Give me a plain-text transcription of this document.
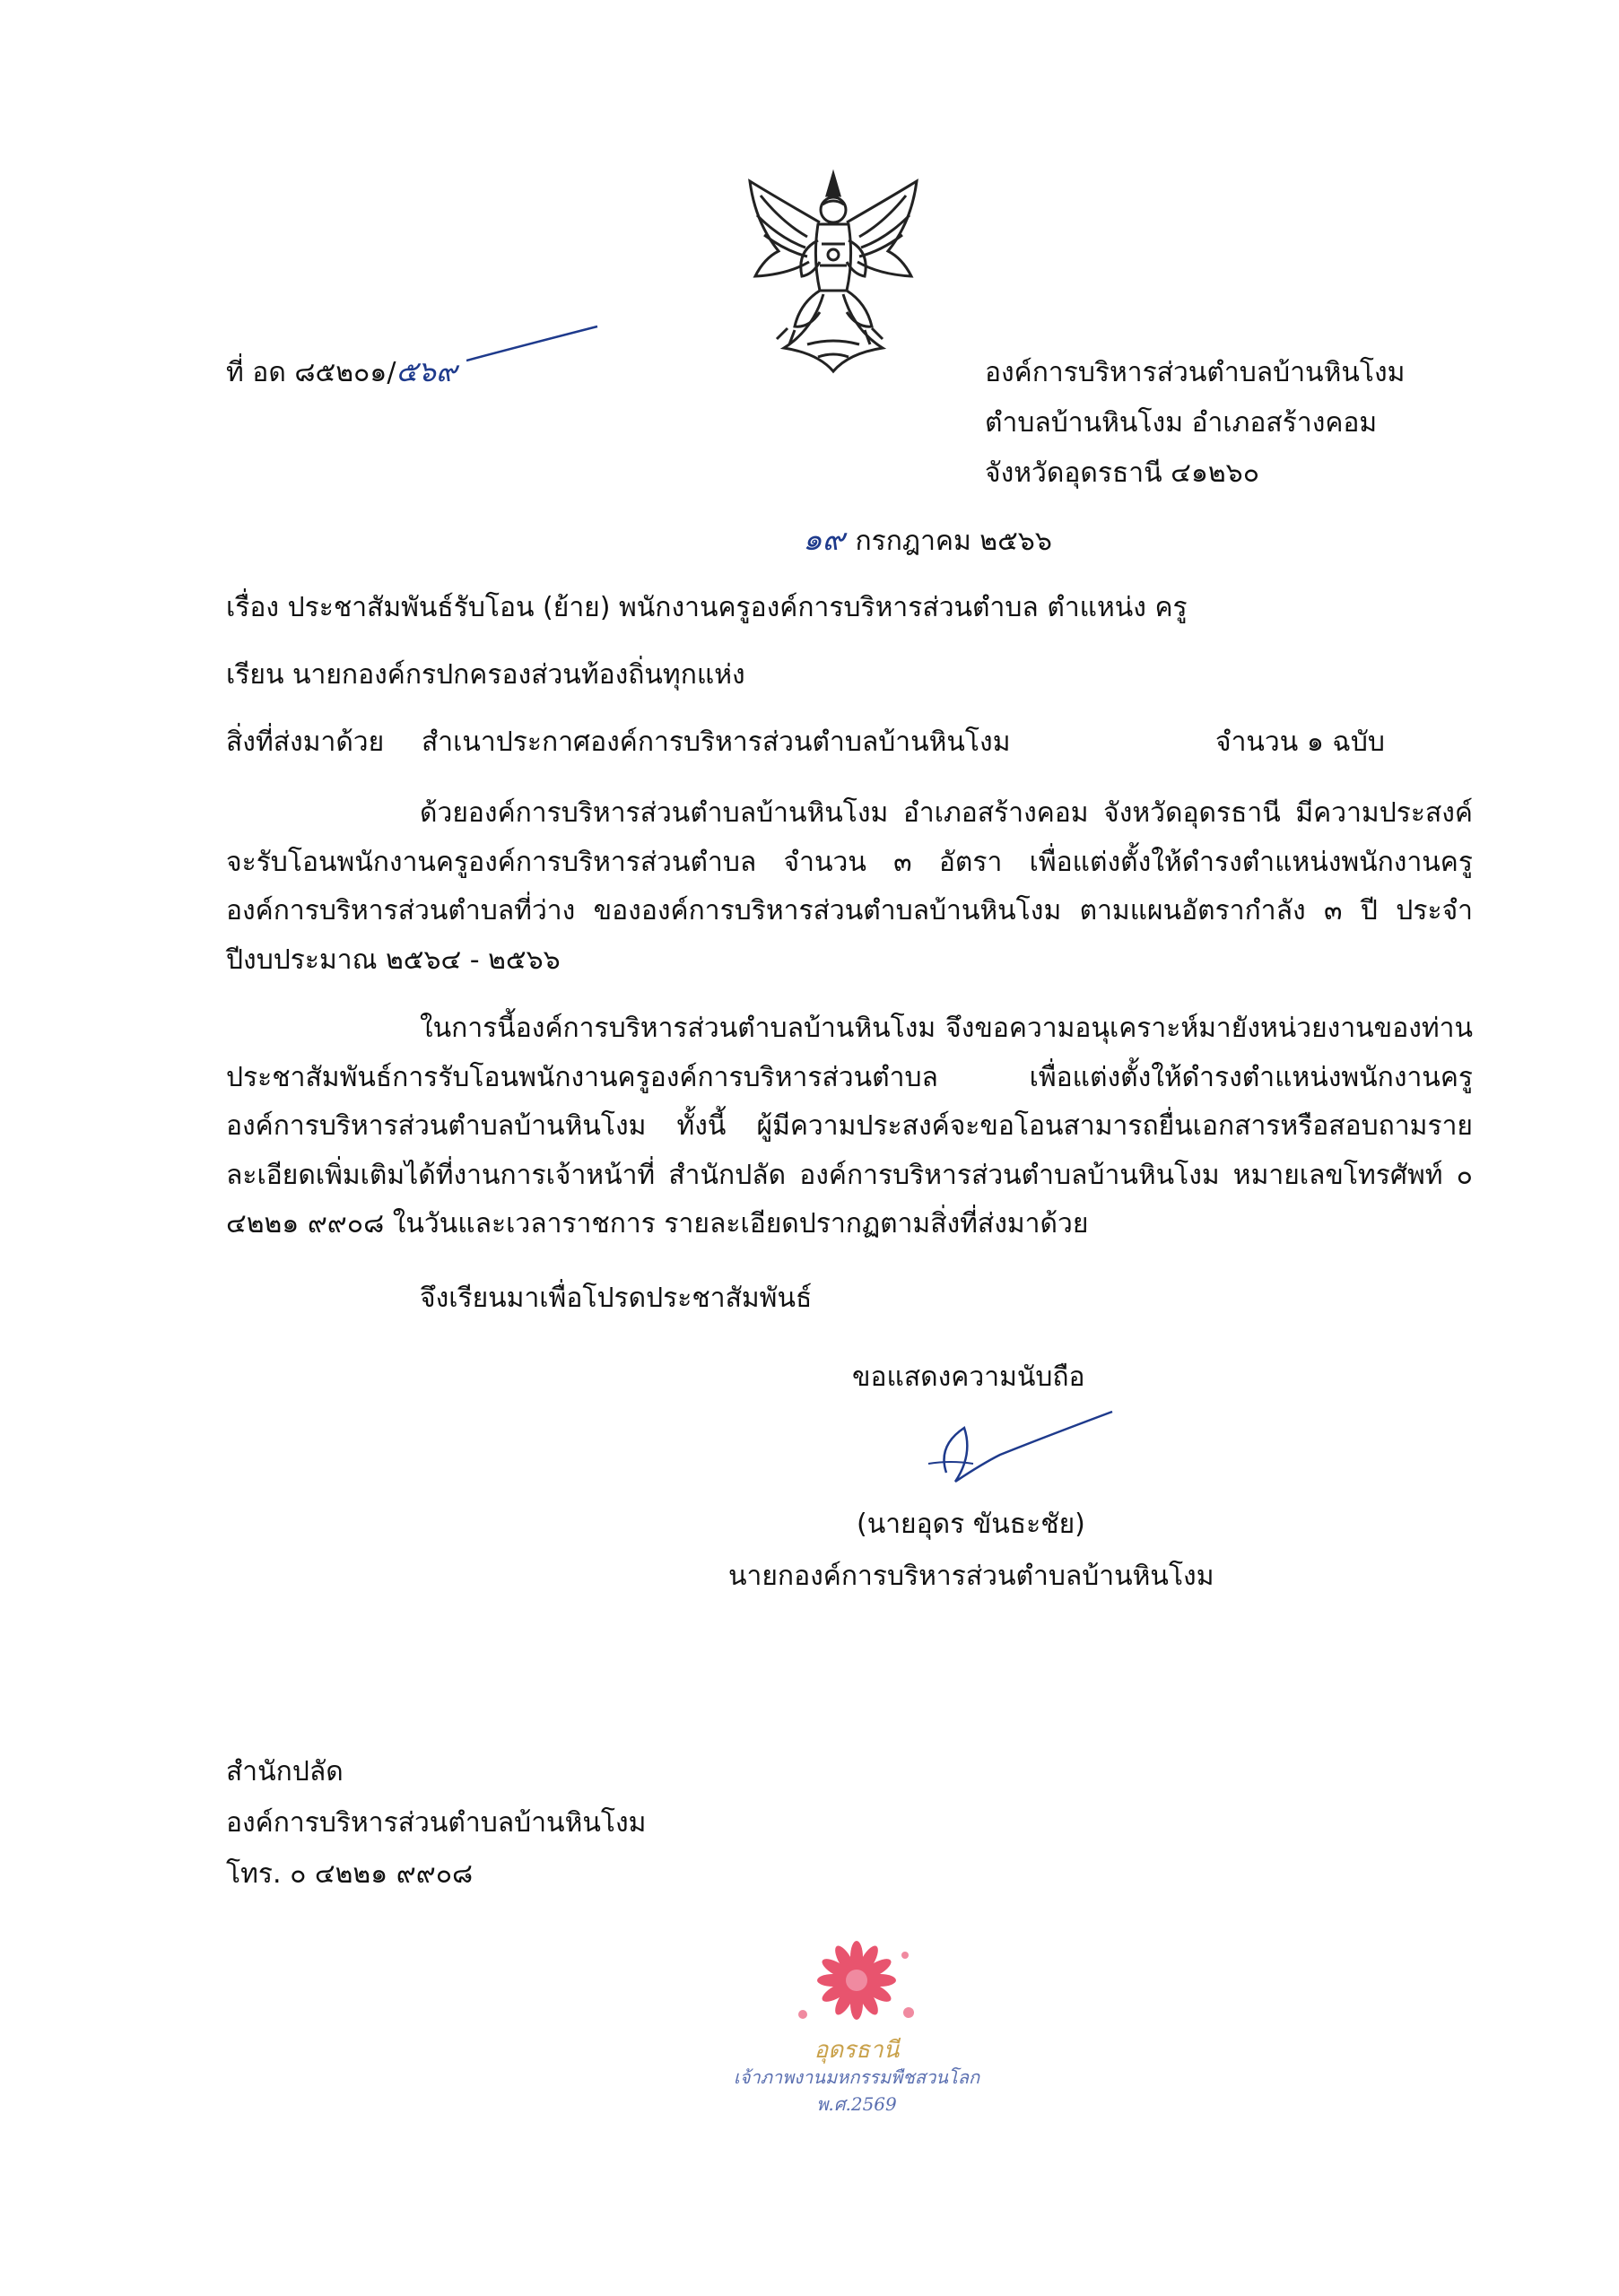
ที่ อด ๘๕๒๐๑/๕๖๙	องค์การบริหารส่วนตำบลบ้านหินโงม
ตำบลบ้านหินโงม อำเภอสร้างคอม
จังหวัดอุดรธานี ๔๑๒๖๐
๑๙ กรกฎาคม ๒๕๖๖
เรื่อง ประชาสัมพันธ์รับโอน (ย้าย) พนักงานครูองค์การบริหารส่วนตำบล ตำแหน่ง ครู
เรียน นายกองค์กรปกครองส่วนท้องถิ่นทุกแห่ง
สิ่งที่ส่งมาด้วย สำเนาประกาศองค์การบริหารส่วนตำบลบ้านหินโงม	จำนวน ๑ ฉบับ
ด้วยองค์การบริหารส่วนตำบลบ้านหินโงม อำเภอสร้างคอม จังหวัดอุดรธานี มีความประสงค์จะรับโอนพนักงานครูองค์การบริหารส่วนตำบล จำนวน ๓ อัตรา เพื่อแต่งตั้งให้ดำรงตำแหน่งพนักงานครูองค์การบริหารส่วนตำบลที่ว่าง ขององค์การบริหารส่วนตำบลบ้านหินโงม ตามแผนอัตรากำลัง ๓ ปี ประจำปีงบประมาณ ๒๕๖๔ - ๒๕๖๖
ในการนี้องค์การบริหารส่วนตำบลบ้านหินโงม จึงขอความอนุเคราะห์มายังหน่วยงานของท่านประชาสัมพันธ์การรับโอนพนักงานครูองค์การบริหารส่วนตำบล เพื่อแต่งตั้งให้ดำรงตำแหน่งพนักงานครูองค์การบริหารส่วนตำบลบ้านหินโงม ทั้งนี้ ผู้มีความประสงค์จะขอโอนสามารถยื่นเอกสารหรือสอบถามรายละเอียดเพิ่มเติมได้ที่งานการเจ้าหน้าที่ สำนักปลัด องค์การบริหารส่วนตำบลบ้านหินโงม หมายเลขโทรศัพท์ ๐ ๔๒๒๑ ๙๙๐๘ ในวันและเวลาราชการ รายละเอียดปรากฏตามสิ่งที่ส่งมาด้วย
จึงเรียนมาเพื่อโปรดประชาสัมพันธ์
ขอแสดงความนับถือ
(นายอุดร ขันธะชัย)
นายกองค์การบริหารส่วนตำบลบ้านหินโงม
สำนักปลัด
องค์การบริหารส่วนตำบลบ้านหินโงม
โทร. ๐ ๔๒๒๑ ๙๙๐๘
อุดรธานี
เจ้าภาพงานมหกรรมพืชสวนโลก
พ.ศ.2569
